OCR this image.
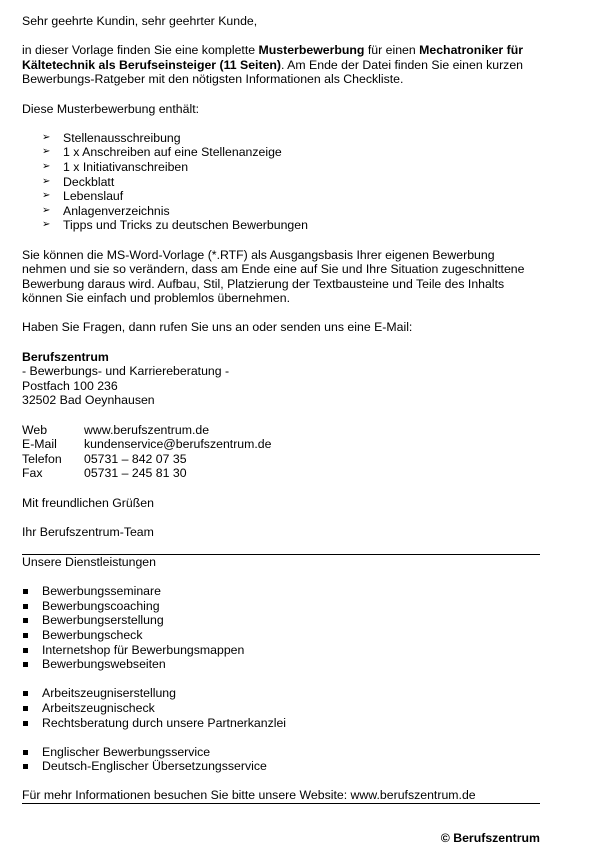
Sehr geehrte Kundin, sehr geehrter Kunde,

in dieser Vorlage finden Sie eine komplette Musterbewerbung für einen Mechatroniker für Kältetechnik als Berufseinsteiger (11 Seiten). Am Ende der Datei finden Sie einen kurzen Bewerbungs-Ratgeber mit den nötigsten Informationen als Checkliste.

Diese Musterbewerbung enthält:

➢ Stellenausschreibung
➢ 1 x Anschreiben auf eine Stellenanzeige
➢ 1 x Initiativanschreiben
➢ Deckblatt
➢ Lebenslauf
➢ Anlagenverzeichnis
➢ Tipps und Tricks zu deutschen Bewerbungen

Sie können die MS-Word-Vorlage (*.RTF) als Ausgangsbasis Ihrer eigenen Bewerbung nehmen und sie so verändern, dass am Ende eine auf Sie und Ihre Situation zugeschnittene Bewerbung daraus wird. Aufbau, Stil, Platzierung der Textbausteine und Teile des Inhalts können Sie einfach und problemlos übernehmen.

Haben Sie Fragen, dann rufen Sie uns an oder senden uns eine E-Mail:

Berufszentrum

- Bewerbungs- und Karriereberatung -

Postfach 100 236

32502 Bad Oeynhausen

Web	www.berufszentrum.de
E-Mail	kundenservice@berufszentrum.de
Telefon	05731 – 842 07 35
Fax	05731 – 245 81 30

Mit freundlichen Grüßen

Ihr Berufszentrum-Team

Unsere Dienstleistungen

Bewerbungsseminare
Bewerbungscoaching
Bewerbungserstellung
Bewerbungscheck
Internetshop für Bewerbungsmappen
Bewerbungswebseiten
Arbeitszeugniserstellung
Arbeitszeugnischeck
Rechtsberatung durch unsere Partnerkanzlei
Englischer Bewerbungsservice
Deutsch-Englischer Übersetzungsservice

Für mehr Informationen besuchen Sie bitte unsere Website: www.berufszentrum.de

© Berufszentrum
